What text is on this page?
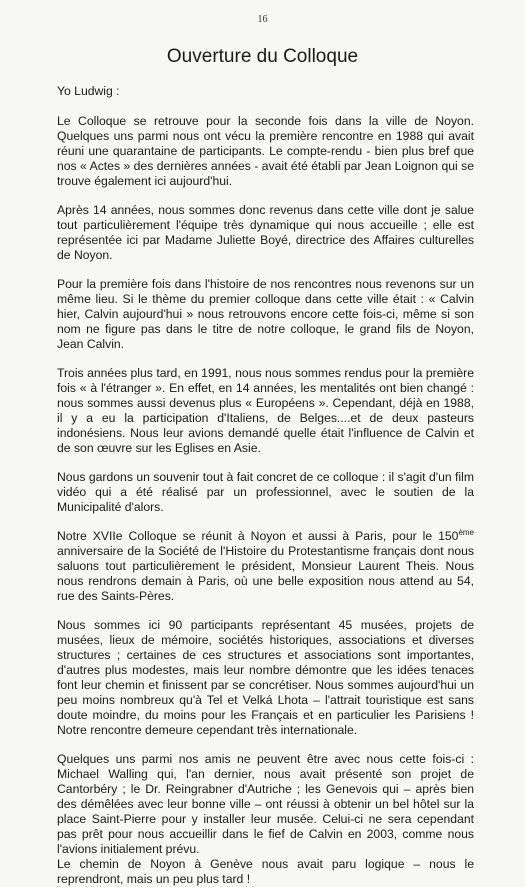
16
Ouverture du Colloque

Yo Ludwig :

Le Colloque se retrouve pour la seconde fois dans la ville de Noyon. Quelques uns parmi nous ont vécu la première rencontre en 1988 qui avait réuni une quarantaine de participants. Le compte-rendu - bien plus bref que nos « Actes » des dernières années - avait été établi par Jean Loignon qui se trouve également ici aujourd'hui.

Après 14 années, nous sommes donc revenus dans cette ville dont je salue tout particulièrement l'équipe très dynamique qui nous accueille ; elle est représentée ici par Madame Juliette Boyé, directrice des Affaires culturelles de Noyon.

Pour la première fois dans l'histoire de nos rencontres nous revenons sur un même lieu. Si le thème du premier colloque dans cette ville était : « Calvin hier, Calvin aujourd'hui » nous retrouvons encore cette fois-ci, même si son nom ne figure pas dans le titre de notre colloque, le grand fils de Noyon, Jean Calvin.

Trois années plus tard, en 1991, nous nous sommes rendus pour la première fois « à l'étranger ». En effet, en 14 années, les mentalités ont bien changé : nous sommes aussi devenus plus « Européens ». Cependant, déjà en 1988, il y a eu la participation d'Italiens, de Belges....et de deux pasteurs indonésiens. Nous leur avions demandé quelle était l'influence de Calvin et de son œuvre sur les Eglises en Asie.

Nous gardons un souvenir tout à fait concret de ce colloque : il s'agit d'un film vidéo qui a été réalisé par un professionnel, avec le soutien de la Municipalité d'alors.

Notre XVIIe Colloque se réunit à Noyon et aussi à Paris, pour le 150ème anniversaire de la Société de l'Histoire du Protestantisme français dont nous saluons tout particulièrement le président, Monsieur Laurent Theis. Nous nous rendrons demain à Paris, où une belle exposition nous attend au 54, rue des Saints-Pères.

Nous sommes ici 90 participants représentant 45 musées, projets de musées, lieux de mémoire, sociétés historiques, associations et diverses structures ; certaines de ces structures et associations sont importantes, d'autres plus modestes, mais leur nombre démontre que les idées tenaces font leur chemin et finissent par se concrétiser. Nous sommes aujourd'hui un peu moins nombreux qu'à Tel et Velká Lhota – l'attrait touristique est sans doute moindre, du moins pour les Français et en particulier les Parisiens ! Notre rencontre demeure cependant très internationale.

Quelques uns parmi nos amis ne peuvent être avec nous cette fois-ci : Michael Walling qui, l'an dernier, nous avait présenté son projet de Cantorbéry ; le Dr. Reingrabner d'Autriche ; les Genevois qui – après bien des démêlées avec leur bonne ville – ont réussi à obtenir un bel hôtel sur la place Saint-Pierre pour y installer leur musée. Celui-ci ne sera cependant pas prêt pour nous accueillir dans le fief de Calvin en 2003, comme nous l'avions initialement prévu.

Le chemin de Noyon à Genève nous avait paru logique – nous le reprendront, mais un peu plus tard !
